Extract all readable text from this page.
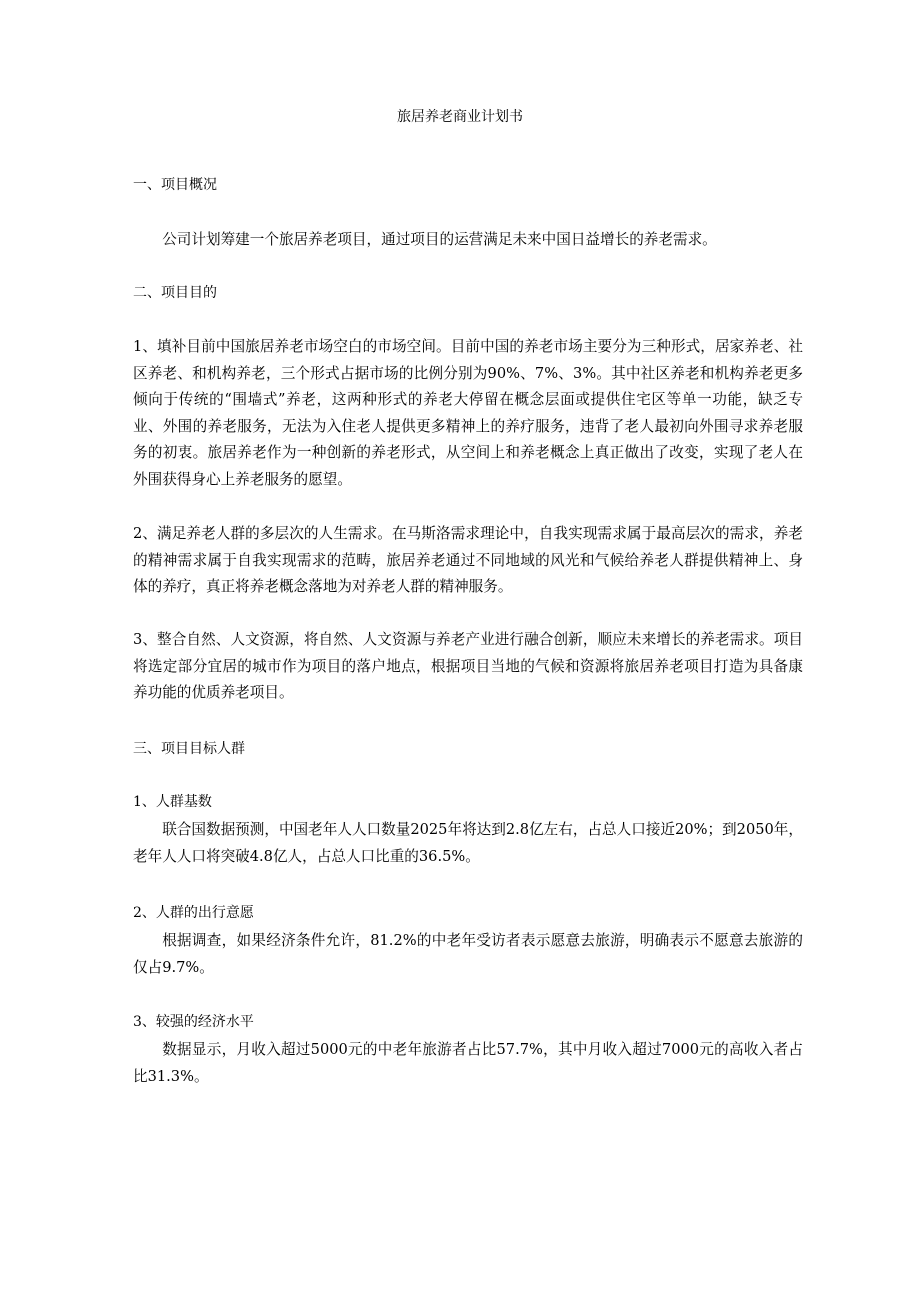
旅居养老商业计划书
一、项目概况
公司计划筹建一个旅居养老项目，通过项目的运营满足未来中国日益增长的养老需求。
二、项目目的
1、填补目前中国旅居养老市场空白的市场空间。目前中国的养老市场主要分为三种形式，居家养老、社区养老、和机构养老，三个形式占据市场的比例分别为90%、7%、3%。其中社区养老和机构养老更多倾向于传统的“围墙式”养老，这两种形式的养老大停留在概念层面或提供住宅区等单一功能，缺乏专业、外围的养老服务，无法为入住老人提供更多精神上的养疗服务，违背了老人最初向外围寻求养老服务的初衷。旅居养老作为一种创新的养老形式，从空间上和养老概念上真正做出了改变，实现了老人在外围获得身心上养老服务的愿望。
2、满足养老人群的多层次的人生需求。在马斯洛需求理论中，自我实现需求属于最高层次的需求，养老的精神需求属于自我实现需求的范畴，旅居养老通过不同地域的风光和气候给养老人群提供精神上、身体的养疗，真正将养老概念落地为对养老人群的精神服务。
3、整合自然、人文资源，将自然、人文资源与养老产业进行融合创新，顺应未来增长的养老需求。项目将选定部分宜居的城市作为项目的落户地点，根据项目当地的气候和资源将旅居养老项目打造为具备康养功能的优质养老项目。
三、项目目标人群
1、人群基数
联合国数据预测，中国老年人人口数量2025年将达到2.8亿左右，占总人口接近20%；到2050年，老年人人口将突破4.8亿人，占总人口比重的36.5%。
2、人群的出行意愿
根据调查，如果经济条件允许，81.2%的中老年受访者表示愿意去旅游，明确表示不愿意去旅游的仅占9.7%。
3、较强的经济水平
数据显示，月收入超过5000元的中老年旅游者占比57.7%，其中月收入超过7000元的高收入者占比31.3%。
